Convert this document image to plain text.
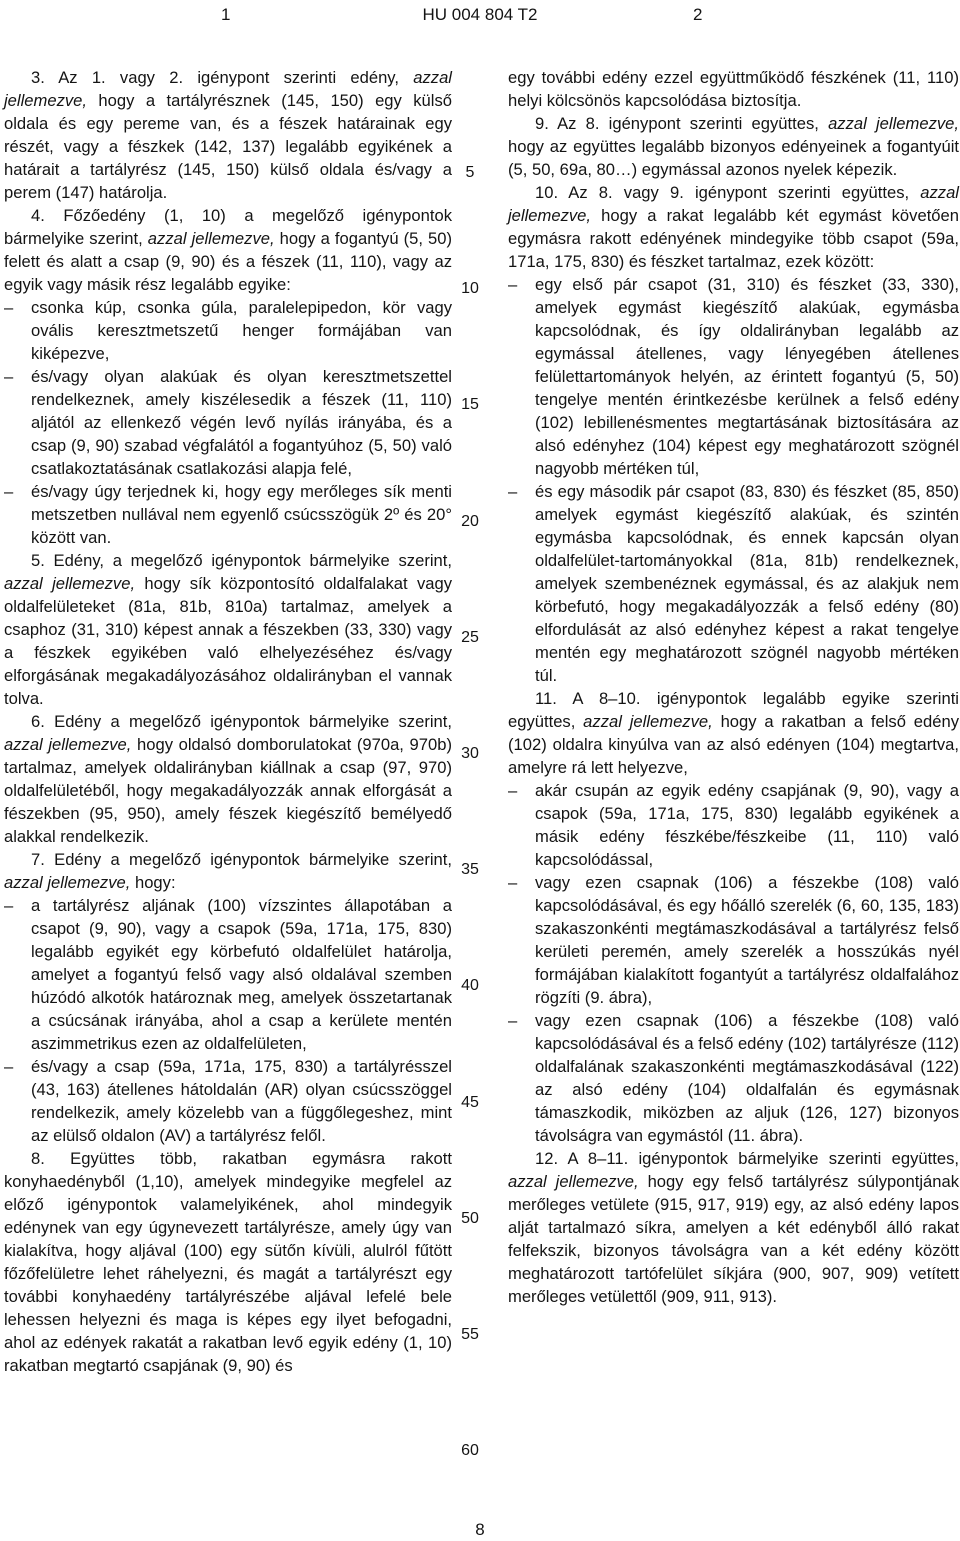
1	HU 004 804 T2	2
3. Az 1. vagy 2. igénypont szerinti edény, azzal jellemezve, hogy a tartályrésznek (145, 150) egy külső oldala és egy pereme van, és a fészek határainak egy részét, vagy a fészkek (142, 137) legalább egyikének a határait a tartályrész (145, 150) külső oldala és/vagy a perem (147) határolja.
4. Főzőedény (1, 10) a megelőző igénypontok bármelyike szerint, azzal jellemezve, hogy a fogantyú (5, 50) felett és alatt a csap (9, 90) és a fészek (11, 110), vagy az egyik vagy másik rész legalább egyike:
– csonka kúp, csonka gúla, paralelepipedon, kör vagy ovális keresztmetszetű henger formájában van kiképezve,
– és/vagy olyan alakúak és olyan keresztmetszettel rendelkeznek, amely kiszélesedik a fészek (11, 110) aljától az ellenkező végén levő nyílás irányába, és a csap (9, 90) szabad végfalától a fogantyúhoz (5, 50) való csatlakoztatásának csatlakozási alapja felé,
– és/vagy úgy terjednek ki, hogy egy merőleges sík menti metszetben nullával nem egyenlő csúcsszögük 2º és 20° között van.
5. Edény, a megelőző igénypontok bármelyike szerint, azzal jellemezve, hogy sík központosító oldalfalakat vagy oldalfelületeket (81a, 81b, 810a) tartalmaz, amelyek a csaphoz (31, 310) képest annak a fészekben (33, 330) vagy a fészkek egyikében való elhelyezéséhez és/vagy elforgásának megakadályozásához oldalirányban el vannak tolva.
6. Edény a megelőző igénypontok bármelyike szerint, azzal jellemezve, hogy oldalsó domborulatokat (970a, 970b) tartalmaz, amelyek oldalirányban kiállnak a csap (97, 970) oldalfelületéből, hogy megakadályozzák annak elforgását a fészekben (95, 950), amely fészek kiegészítő bemélyedő alakkal rendelkezik.
7. Edény a megelőző igénypontok bármelyike szerint, azzal jellemezve, hogy:
– a tartályrész aljának (100) vízszintes állapotában a csapot (9, 90), vagy a csapok (59a, 171a, 175, 830) legalább egyikét egy körbefutó oldalfelület határolja, amelyet a fogantyú felső vagy alsó oldalával szemben húzódó alkotók határoznak meg, amelyek összetartanak a csúcsának irányába, ahol a csap a kerülete mentén aszimmetrikus ezen az oldalfelületen,
– és/vagy a csap (59a, 171a, 175, 830) a tartályrésszel (43, 163) átellenes hátoldalán (AR) olyan csúcsszöggel rendelkezik, amely közelebb van a függőlegeshez, mint az elülső oldalon (AV) a tartályrész felől.
8. Együttes több, rakatban egymásra rakott konyhaedényből (1,10), amelyek mindegyike megfelel az előző igénypontok valamelyikének, ahol mindegyik edénynek van egy úgynevezett tartályrésze, amely úgy van kialakítva, hogy aljával (100) egy sütőn kívüli, alulról fűtött főzőfelületre lehet ráhelyezni, és magát a tartályrészt egy további konyhaedény tartályrészébe aljával lefelé bele lehessen helyezni és maga is képes egy ilyet befogadni, ahol az edények rakatát a rakatban levő egyik edény (1, 10) rakatban megtartó csapjának (9, 90) és
egy további edény ezzel együttműködő fészkének (11, 110) helyi kölcsönös kapcsolódása biztosítja.
9. Az 8. igénypont szerinti együttes, azzal jellemezve, hogy az együttes legalább bizonyos edényeinek a fogantyúit (5, 50, 69a, 80…) egymással azonos nyelek képezik.
10. Az 8. vagy 9. igénypont szerinti együttes, azzal jellemezve, hogy a rakat legalább két egymást követően egymásra rakott edényének mindegyike több csapot (59a, 171a, 175, 830) és fészket tartalmaz, ezek között:
– egy első pár csapot (31, 310) és fészket (33, 330), amelyek egymást kiegészítő alakúak, egymásba kapcsolódnak, és így oldalirányban legalább az egymással átellenes, vagy lényegében átellenes felülettartományok helyén, az érintett fogantyú (5, 50) tengelye mentén érintkezésbe kerülnek a felső edény (102) lebillenésmentes megtartásának biztosítására az alsó edényhez (104) képest egy meghatározott szögnél nagyobb mértéken túl,
– és egy második pár csapot (83, 830) és fészket (85, 850) amelyek egymást kiegészítő alakúak, és szintén egymásba kapcsolódnak, és ennek kapcsán olyan oldalfelület-tartományokkal (81a, 81b) rendelkeznek, amelyek szembenéznek egymással, és az alakjuk nem körbefutó, hogy megakadályozzák a felső edény (80) elfordulását az alsó edényhez képest a rakat tengelye mentén egy meghatározott szögnél nagyobb mértéken túl.
11. A 8–10. igénypontok legalább egyike szerinti együttes, azzal jellemezve, hogy a rakatban a felső edény (102) oldalra kinyúlva van az alsó edényen (104) megtartva, amelyre rá lett helyezve,
– akár csupán az egyik edény csapjának (9, 90), vagy a csapok (59a, 171a, 175, 830) legalább egyikének a másik edény fészkébe/fészkeibe (11, 110) való kapcsolódással,
– vagy ezen csapnak (106) a fészekbe (108) való kapcsolódásával, és egy hőálló szerelék (6, 60, 135, 183) szakaszonkénti megtámaszkodásával a tartályrész felső kerületi peremén, amely szerelék a hosszúkás nyél formájában kialakított fogantyút a tartályrész oldalfalához rögzíti (9. ábra),
– vagy ezen csapnak (106) a fészekbe (108) való kapcsolódásával és a felső edény (102) tartályrésze (112) oldalfalának szakaszonkénti megtámaszkodásával (122) az alsó edény (104) oldalfalán és egymásnak támaszkodik, miközben az aljuk (126, 127) bizonyos távolságra van egymástól (11. ábra).
12. A 8–11. igénypontok bármelyike szerinti együttes, azzal jellemezve, hogy egy felső tartályrész súlypontjának merőleges vetülete (915, 917, 919) egy, az alsó edény lapos alját tartalmazó síkra, amelyen a két edényből álló rakat felfekszik, bizonyos távolságra van a két edény között meghatározott tartófelület síkjára (900, 907, 909) vetített merőleges vetülettől (909, 911, 913).
5
10
15
20
25
30
35
40
45
50
55
60
8
